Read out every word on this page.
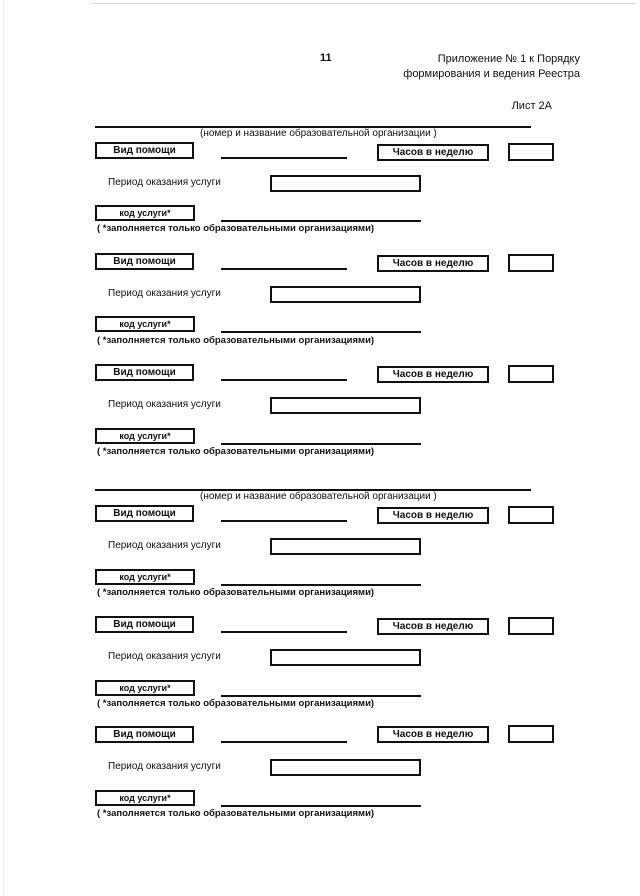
11	Приложение № 1 к Порядку
формирования и ведения Реестра
Лист 2А
(номер и название образовательной организации )
Вид помощи	Часов в неделю
Период оказания услуги
код услуги*
( *заполняется только образовательными организациями)
Вид помощи	Часов в неделю
Период оказания услуги
код услуги*
( *заполняется только образовательными организациями)
Вид помощи	Часов в неделю
Период оказания услуги
код услуги*
( *заполняется только образовательными организациями)
(номер и название образовательной организации )
Вид помощи	Часов в неделю
Период оказания услуги
код услуги*
( *заполняется только образовательными организациями)
Вид помощи	Часов в неделю
Период оказания услуги
код услуги*
( *заполняется только образовательными организациями)
Вид помощи	Часов в неделю
Период оказания услуги
код услуги*
( *заполняется только образовательными организациями)
